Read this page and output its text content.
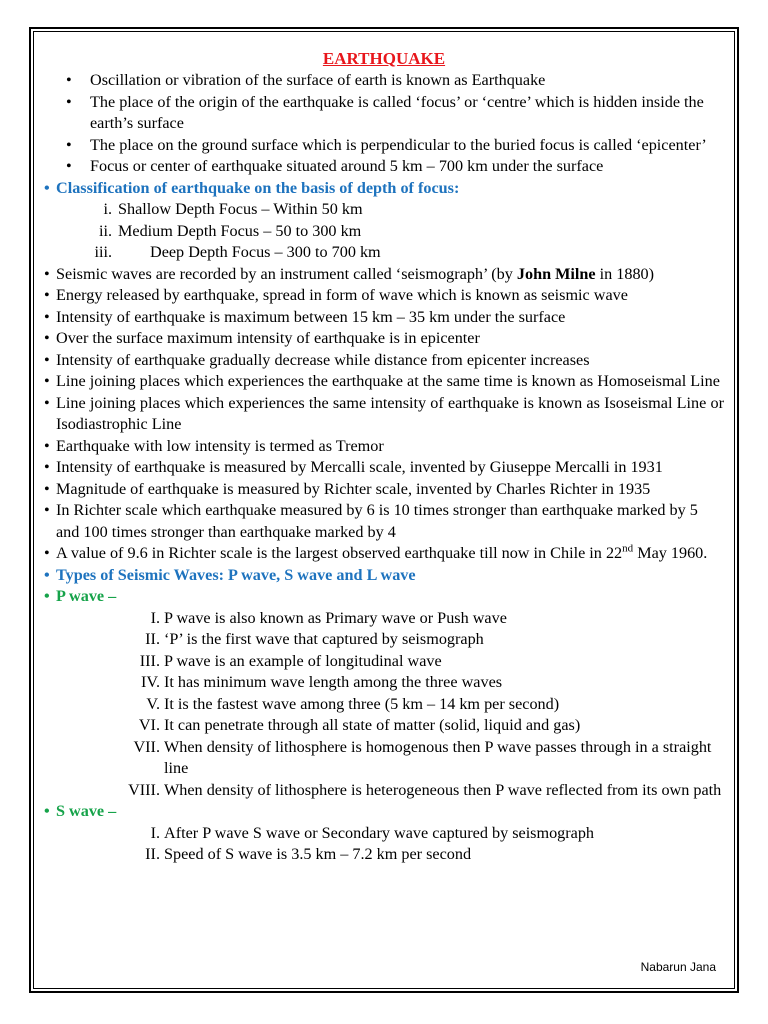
EARTHQUAKE
• Oscillation or vibration of the surface of earth is known as Earthquake
• The place of the origin of the earthquake is called ‘focus’ or ‘centre’ which is hidden inside the earth’s surface
• The place on the ground surface which is perpendicular to the buried focus is called ‘epicenter’
• Focus or center of earthquake situated around 5 km – 700 km under the surface
• Classification of earthquake on the basis of depth of focus:
i. Shallow Depth Focus – Within 50 km
ii. Medium Depth Focus – 50 to 300 km
iii. Deep Depth Focus – 300 to 700 km
• Seismic waves are recorded by an instrument called ‘seismograph’ (by John Milne in 1880)
• Energy released by earthquake, spread in form of wave which is known as seismic wave
• Intensity of earthquake is maximum between 15 km – 35 km under the surface
• Over the surface maximum intensity of earthquake is in epicenter
• Intensity of earthquake gradually decrease while distance from epicenter increases
• Line joining places which experiences the earthquake at the same time is known as Homoseismal Line
• Line joining places which experiences the same intensity of earthquake is known as Isoseismal Line or Isodiastrophic Line
• Earthquake with low intensity is termed as Tremor
• Intensity of earthquake is measured by Mercalli scale, invented by Giuseppe Mercalli in 1931
• Magnitude of earthquake is measured by Richter scale, invented by Charles Richter in 1935
• In Richter scale which earthquake measured by 6 is 10 times stronger than earthquake marked by 5 and 100 times stronger than earthquake marked by 4
• A value of 9.6 in Richter scale is the largest observed earthquake till now in Chile in 22nd May 1960.
• Types of Seismic Waves: P wave, S wave and L wave
• P wave –
I. P wave is also known as Primary wave or Push wave
II. ‘P’ is the first wave that captured by seismograph
III. P wave is an example of longitudinal wave
IV. It has minimum wave length among the three waves
V. It is the fastest wave among three (5 km – 14 km per second)
VI. It can penetrate through all state of matter (solid, liquid and gas)
VII. When density of lithosphere is homogenous then P wave passes through in a straight line
VIII. When density of lithosphere is heterogeneous then P wave reflected from its own path
• S wave –
I. After P wave S wave or Secondary wave captured by seismograph
II. Speed of S wave is 3.5 km – 7.2 km per second
Nabarun Jana
